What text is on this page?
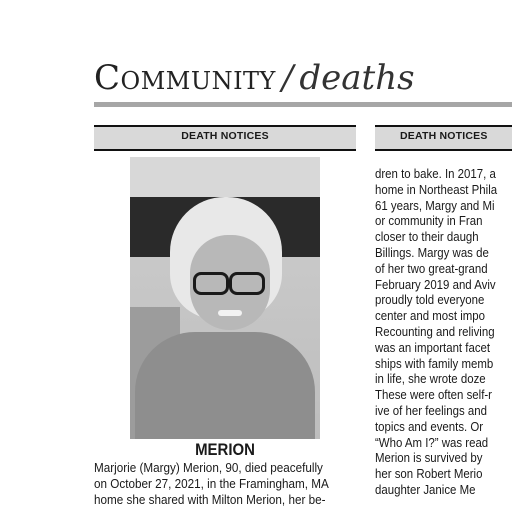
Community / deaths
DEATH NOTICES	DEATH NOTICES
MERION
Marjorie (Margy) Merion, 90, died peacefully
on October 27, 2021, in the Framingham, MA
home she shared with Milton Merion, her be-
dren to bake. In 2017, a
home in Northeast Phila
61 years, Margy and Mi
or community in Fran
closer to their daugh
Billings. Margy was de
of her two great-grand
February 2019 and Aviv
proudly told everyone
center and most impo
Recounting and reliving
was an important facet
ships with family memb
in life, she wrote doze
These were often self-r
ive of her feelings and
topics and events. Or
“Who Am I?” was read
Merion is survived by
her son Robert Merio
daughter Janice Me
